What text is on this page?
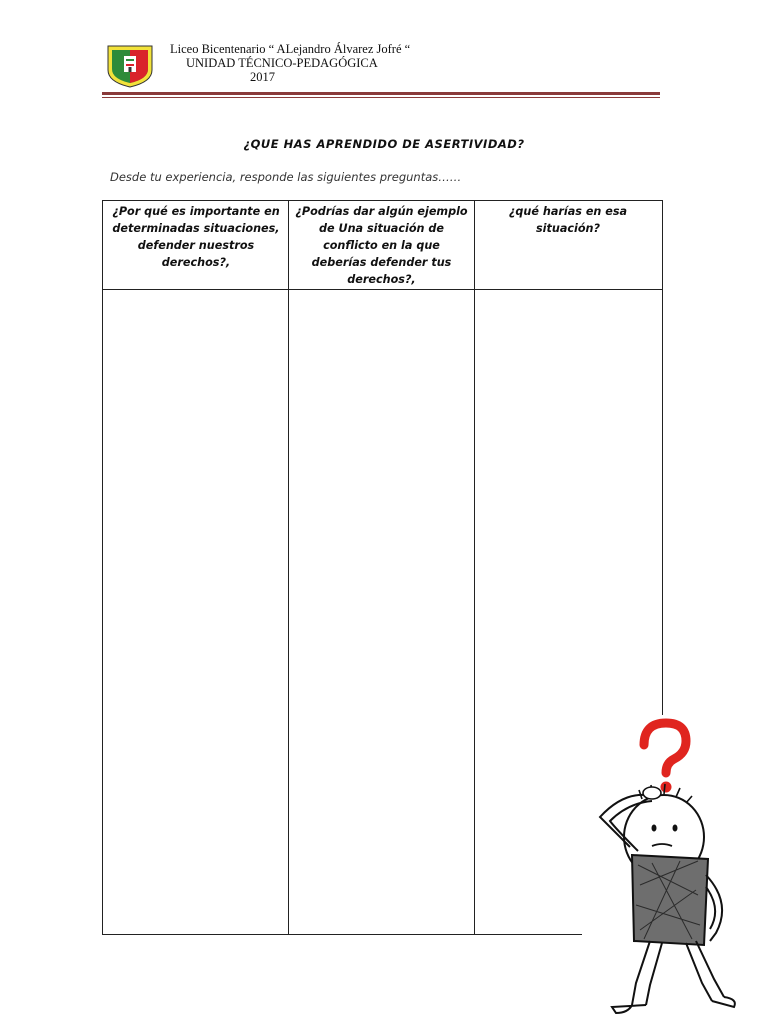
Liceo Bicentenario “ ALejandro Álvarez Jofré “
UNIDAD TÉCNICO-PEDAGÓGICA
2017
¿QUE HAS APRENDIDO DE ASERTIVIDAD?
Desde tu experiencia, responde las siguientes preguntas……
¿Por qué es importante en determinadas situaciones, defender nuestros derechos?,
¿Podrías dar algún ejemplo de Una situación de conflicto en la que deberías defender tus derechos?,
¿qué harías en esa situación?
